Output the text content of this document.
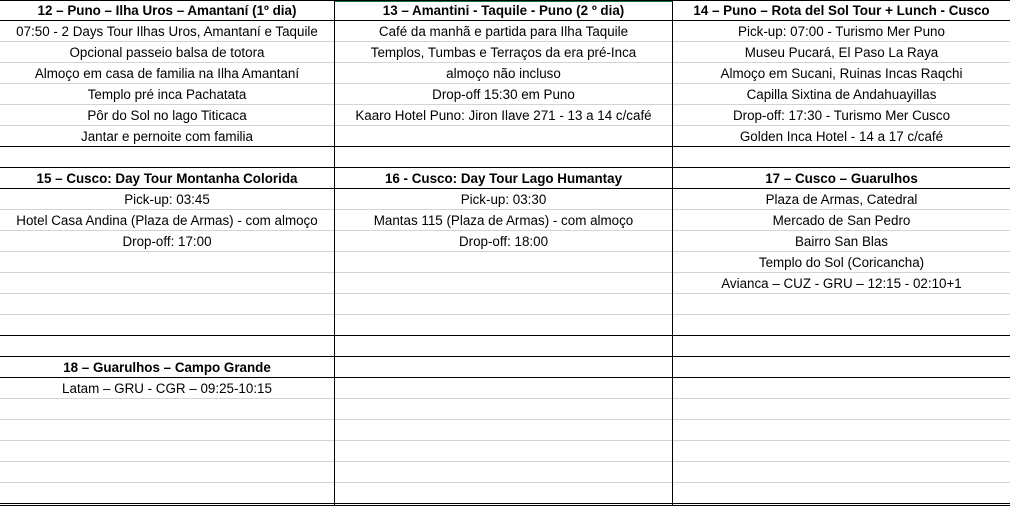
12 – Puno – Ilha Uros – Amantaní (1º dia)
07:50 - 2 Days Tour Ilhas Uros, Amantaní e Taquile
Opcional passeio balsa de totora
Almoço em casa de familia na Ilha Amantaní
Templo pré inca Pachatata
Pôr do Sol no lago Titicaca
Jantar e pernoite com familia
15 – Cusco: Day Tour Montanha Colorida
Pick-up: 03:45
Hotel Casa Andina (Plaza de Armas) - com almoço
Drop-off: 17:00
18 – Guarulhos – Campo Grande
Latam – GRU - CGR – 09:25-10:15
13 – Amantini - Taquile - Puno (2 º dia)
Café da manhã e partida para Ilha Taquile
Templos, Tumbas e Terraços da era pré-Inca
almoço não incluso
Drop-off 15:30 em Puno
Kaaro Hotel Puno: Jiron Ilave 271 - 13 a 14 c/café
16 - Cusco: Day Tour Lago Humantay
Pick-up: 03:30
Mantas 115 (Plaza de Armas) - com almoço
Drop-off: 18:00
14 – Puno – Rota del Sol Tour + Lunch - Cusco
Pick-up: 07:00 - Turismo Mer Puno
Museu Pucará, El Paso La Raya
Almoço em Sucani, Ruinas Incas Raqchi
Capilla Sixtina de Andahuayillas
Drop-off: 17:30 - Turismo Mer Cusco
Golden Inca Hotel - 14 a 17 c/café
17 – Cusco – Guarulhos
Plaza de Armas, Catedral
Mercado de San Pedro
Bairro San Blas
Templo do Sol (Coricancha)
Avianca – CUZ - GRU – 12:15 - 02:10+1
